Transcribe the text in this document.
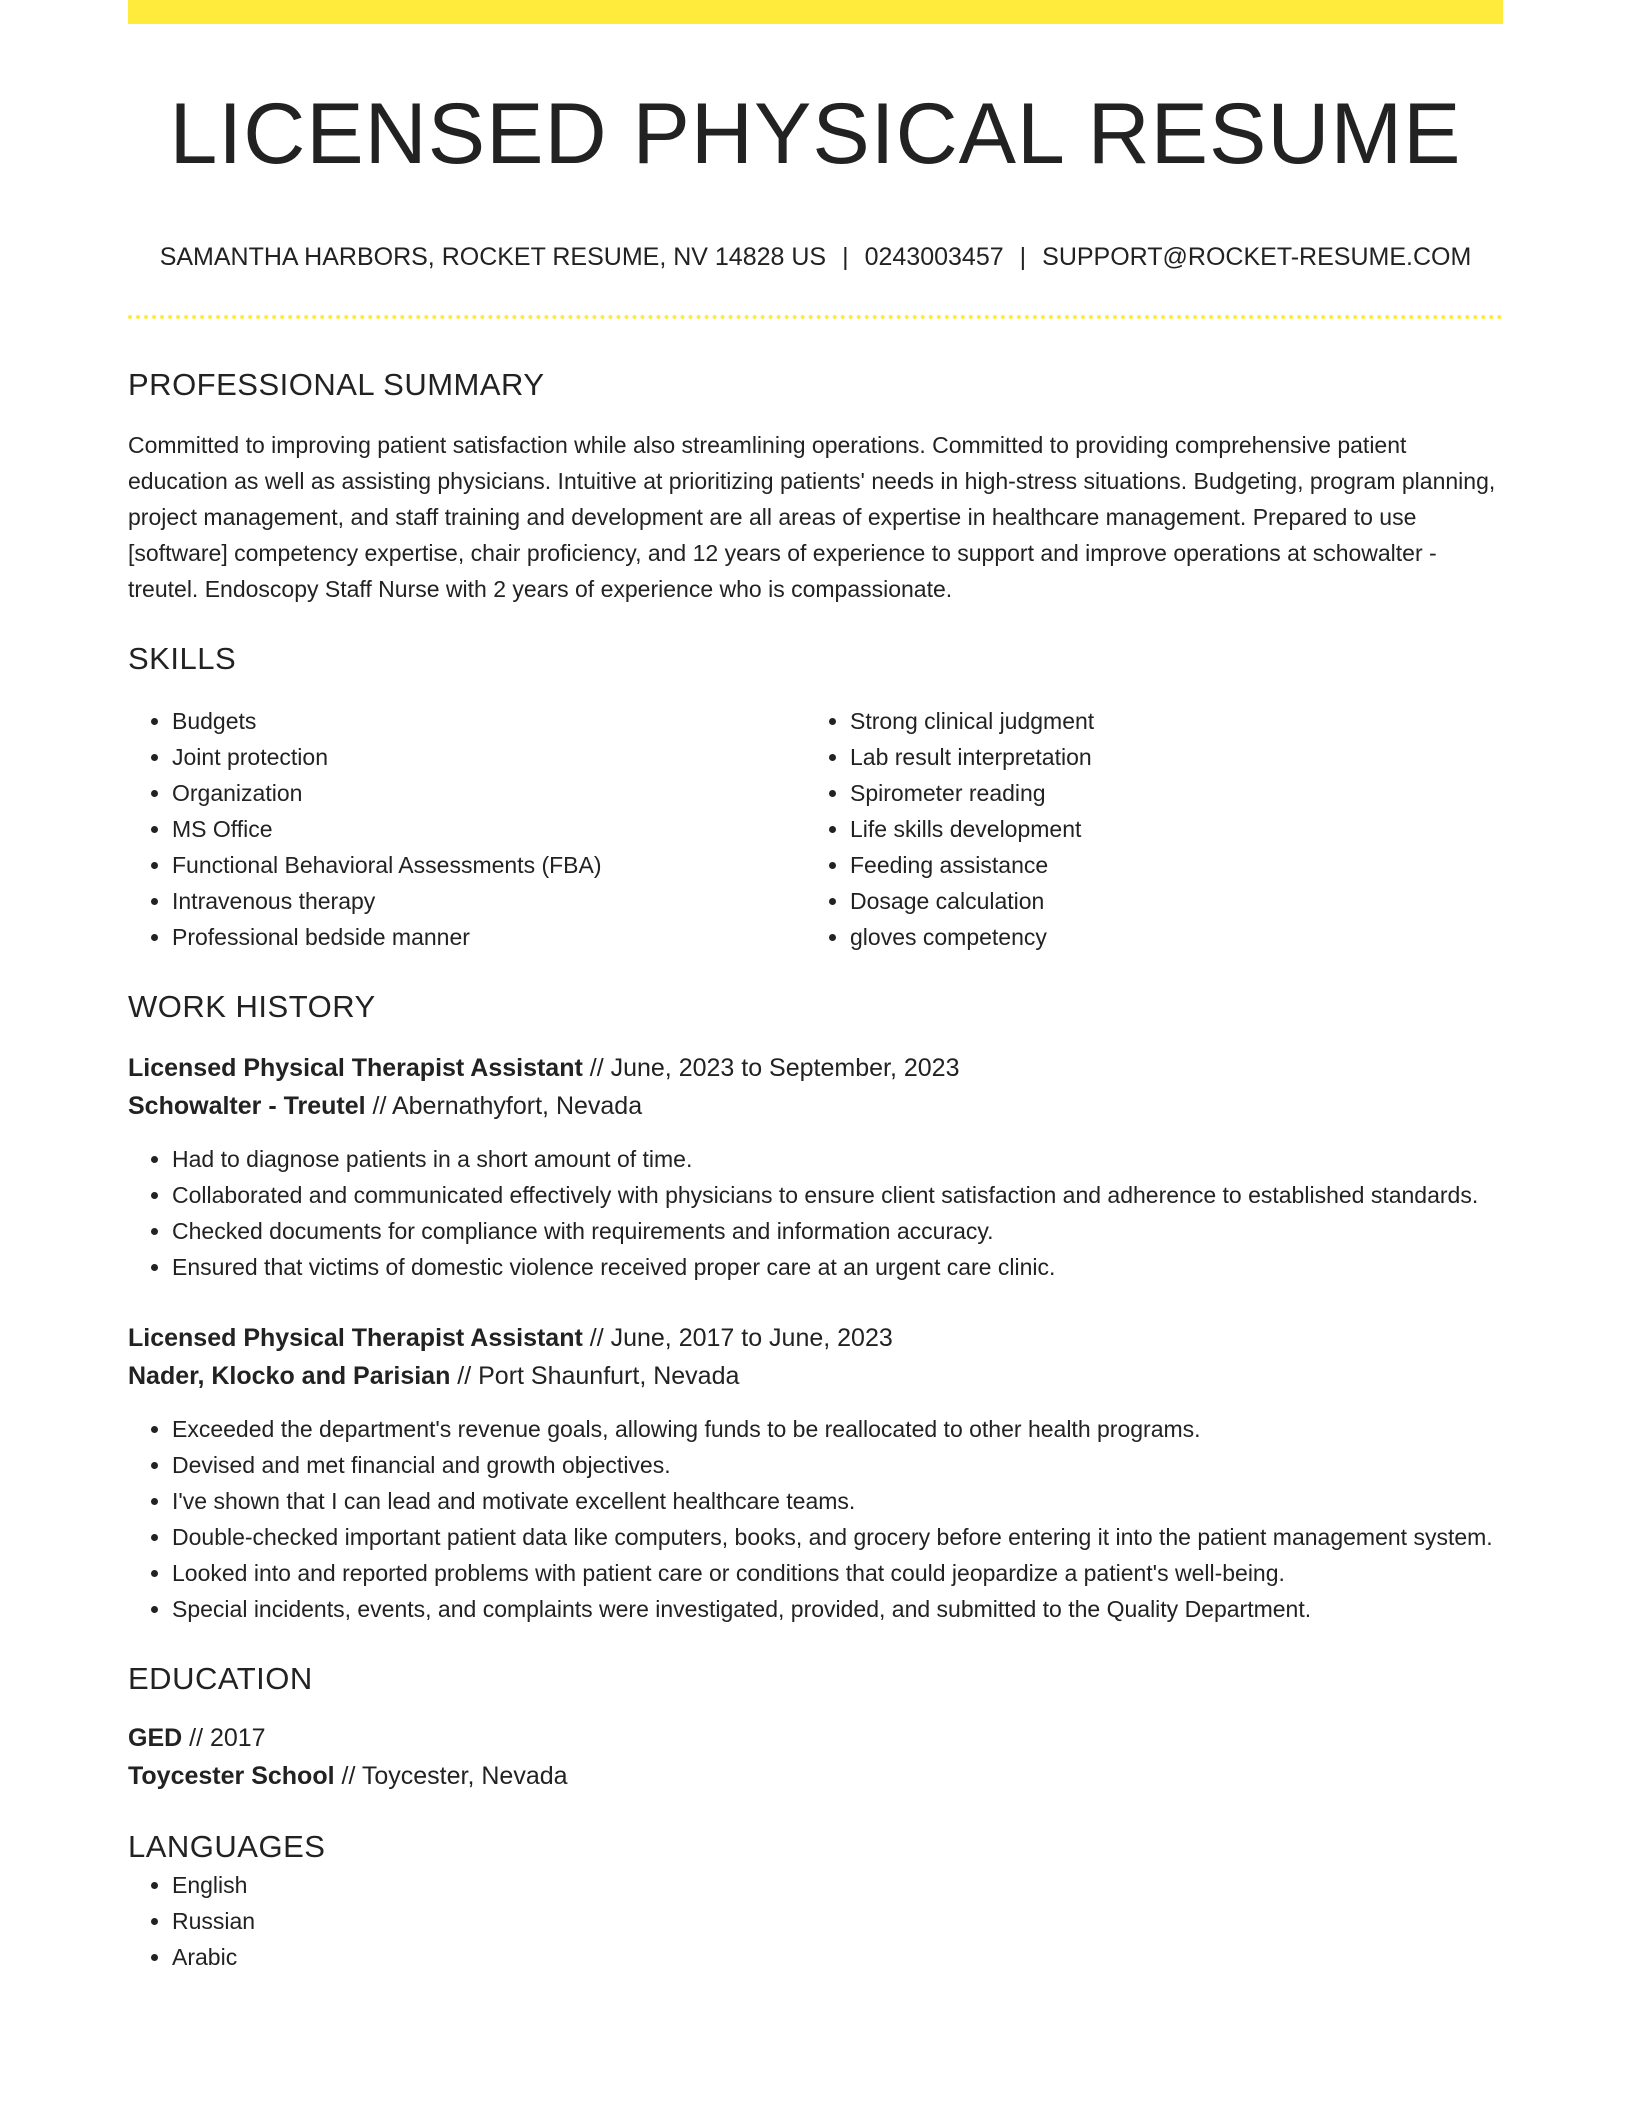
LICENSED PHYSICAL RESUME
SAMANTHA HARBORS, ROCKET RESUME, NV 14828 US | 0243003457 | SUPPORT@ROCKET-RESUME.COM
PROFESSIONAL SUMMARY

Committed to improving patient satisfaction while also streamlining operations. Committed to providing comprehensive patient education as well as assisting physicians. Intuitive at prioritizing patients' needs in high-stress situations. Budgeting, program planning, project management, and staff training and development are all areas of expertise in healthcare management. Prepared to use [software] competency expertise, chair proficiency, and 12 years of experience to support and improve operations at schowalter - treutel. Endoscopy Staff Nurse with 2 years of experience who is compassionate.

SKILLS
• Budgets
• Joint protection
• Organization
• MS Office
• Functional Behavioral Assessments (FBA)
• Intravenous therapy
• Professional bedside manner
• Strong clinical judgment
• Lab result interpretation
• Spirometer reading
• Life skills development
• Feeding assistance
• Dosage calculation
• gloves competency
WORK HISTORY
Licensed Physical Therapist Assistant // June, 2023 to September, 2023
Schowalter - Treutel // Abernathyfort, Nevada
• Had to diagnose patients in a short amount of time.
• Collaborated and communicated effectively with physicians to ensure client satisfaction and adherence to established standards.
• Checked documents for compliance with requirements and information accuracy.
• Ensured that victims of domestic violence received proper care at an urgent care clinic.
Licensed Physical Therapist Assistant // June, 2017 to June, 2023
Nader, Klocko and Parisian // Port Shaunfurt, Nevada
• Exceeded the department's revenue goals, allowing funds to be reallocated to other health programs.
• Devised and met financial and growth objectives.
• I've shown that I can lead and motivate excellent healthcare teams.
• Double-checked important patient data like computers, books, and grocery before entering it into the patient management system.
• Looked into and reported problems with patient care or conditions that could jeopardize a patient's well-being.
• Special incidents, events, and complaints were investigated, provided, and submitted to the Quality Department.
EDUCATION
GED // 2017
Toycester School // Toycester, Nevada
LANGUAGES
• English
• Russian
• Arabic
